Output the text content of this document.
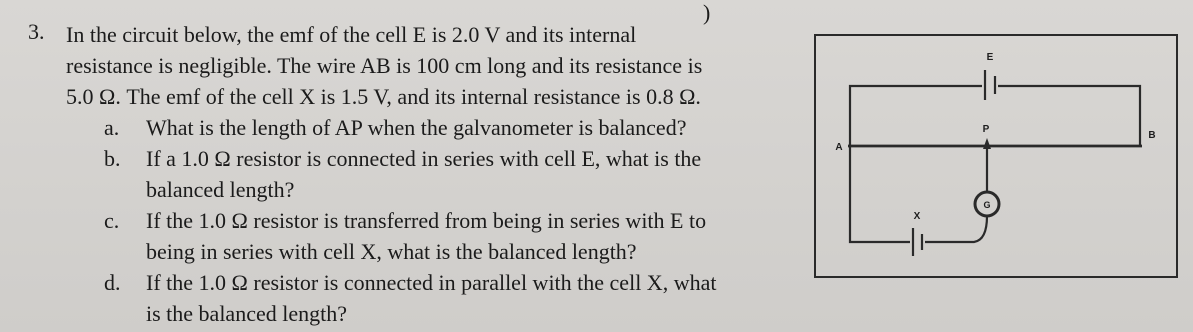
3.
)
In the circuit below, the emf of the cell E is 2.0 V and its internal
resistance is negligible. The wire AB is 100 cm long and its resistance is
5.0 Ω. The emf of the cell X is 1.5 V, and its internal resistance is 0.8 Ω.
a. What is the length of AP when the galvanometer is balanced?
b. If a 1.0 Ω resistor is connected in series with cell E, what is the
balanced length?
c. If the 1.0 Ω resistor is transferred from being in series with E to
being in series with cell X, what is the balanced length?
d. If the 1.0 Ω resistor is connected in parallel with the cell X, what
is the balanced length?
E
A
B
P
X
G
